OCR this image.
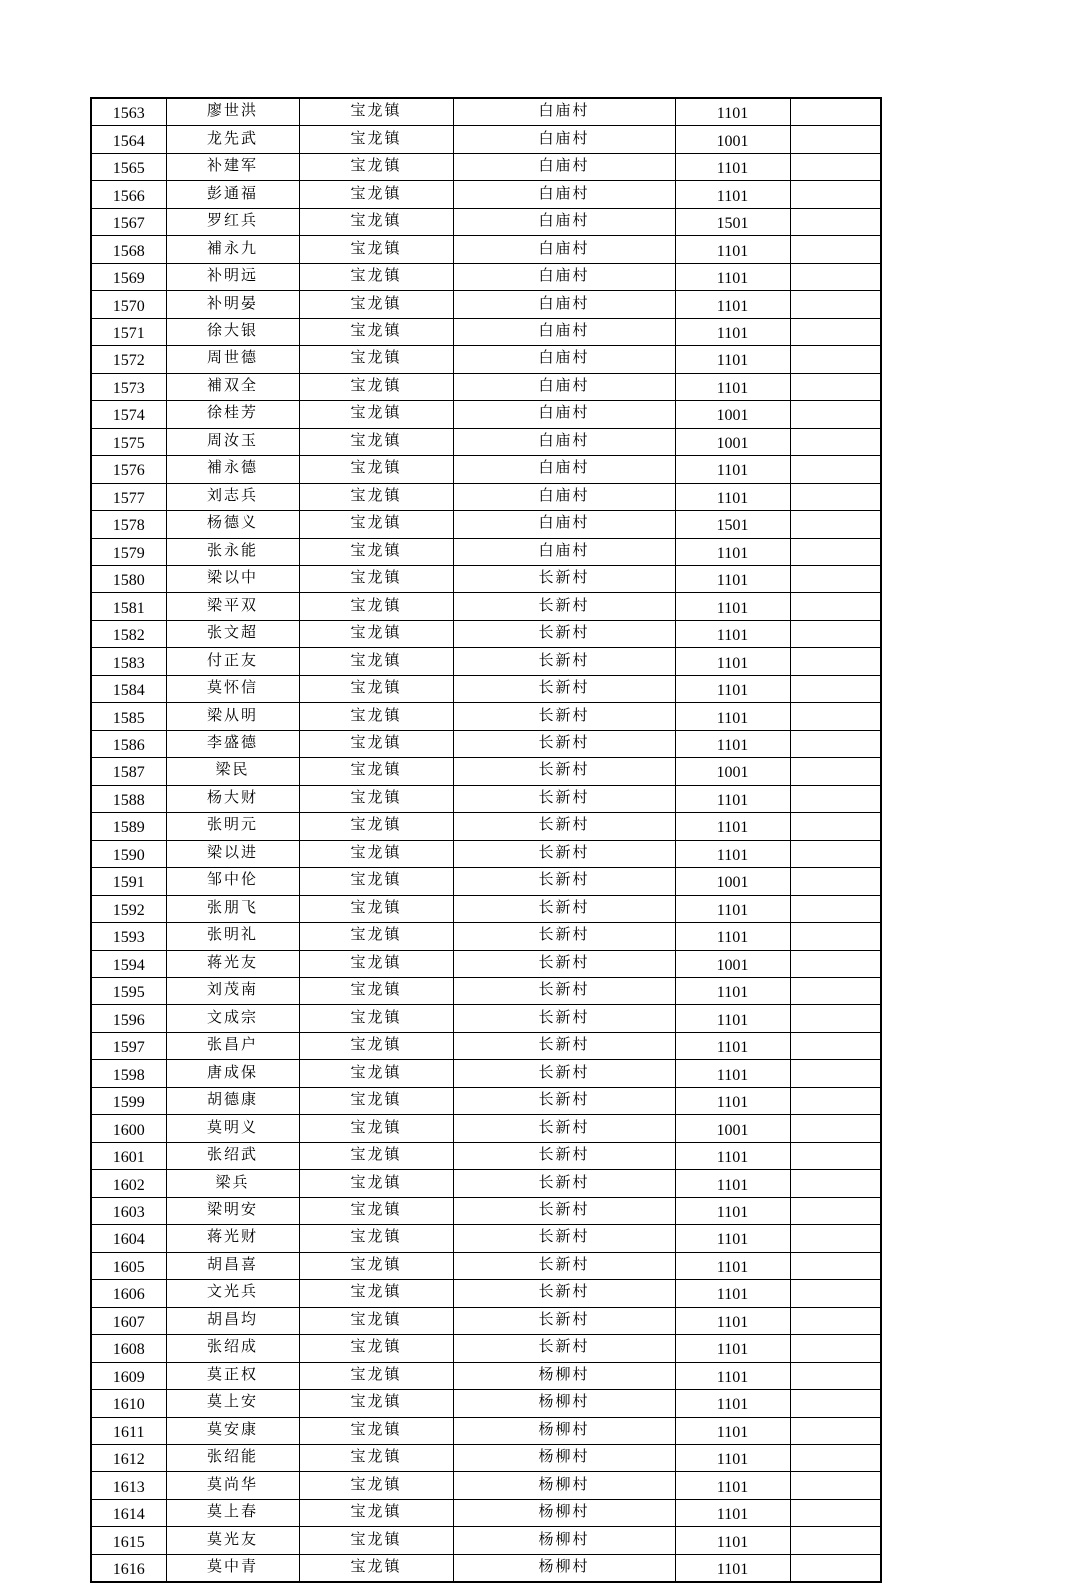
1563	廖世洪	宝龙镇	白庙村	1101	
1564	龙先武	宝龙镇	白庙村	1001	
1565	补建军	宝龙镇	白庙村	1101	
1566	彭通福	宝龙镇	白庙村	1101	
1567	罗红兵	宝龙镇	白庙村	1501	
1568	補永九	宝龙镇	白庙村	1101	
1569	补明远	宝龙镇	白庙村	1101	
1570	补明晏	宝龙镇	白庙村	1101	
1571	徐大银	宝龙镇	白庙村	1101	
1572	周世德	宝龙镇	白庙村	1101	
1573	補双全	宝龙镇	白庙村	1101	
1574	徐桂芳	宝龙镇	白庙村	1001	
1575	周汝玉	宝龙镇	白庙村	1001	
1576	補永德	宝龙镇	白庙村	1101	
1577	刘志兵	宝龙镇	白庙村	1101	
1578	杨德义	宝龙镇	白庙村	1501	
1579	张永能	宝龙镇	白庙村	1101	
1580	梁以中	宝龙镇	长新村	1101	
1581	梁平双	宝龙镇	长新村	1101	
1582	张文超	宝龙镇	长新村	1101	
1583	付正友	宝龙镇	长新村	1101	
1584	莫怀信	宝龙镇	长新村	1101	
1585	梁从明	宝龙镇	长新村	1101	
1586	李盛德	宝龙镇	长新村	1101	
1587	梁民	宝龙镇	长新村	1001	
1588	杨大财	宝龙镇	长新村	1101	
1589	张明元	宝龙镇	长新村	1101	
1590	梁以进	宝龙镇	长新村	1101	
1591	邹中伦	宝龙镇	长新村	1001	
1592	张朋飞	宝龙镇	长新村	1101	
1593	张明礼	宝龙镇	长新村	1101	
1594	蒋光友	宝龙镇	长新村	1001	
1595	刘茂南	宝龙镇	长新村	1101	
1596	文成宗	宝龙镇	长新村	1101	
1597	张昌户	宝龙镇	长新村	1101	
1598	唐成保	宝龙镇	长新村	1101	
1599	胡德康	宝龙镇	长新村	1101	
1600	莫明义	宝龙镇	长新村	1001	
1601	张绍武	宝龙镇	长新村	1101	
1602	梁兵	宝龙镇	长新村	1101	
1603	梁明安	宝龙镇	长新村	1101	
1604	蒋光财	宝龙镇	长新村	1101	
1605	胡昌喜	宝龙镇	长新村	1101	
1606	文光兵	宝龙镇	长新村	1101	
1607	胡昌均	宝龙镇	长新村	1101	
1608	张绍成	宝龙镇	长新村	1101	
1609	莫正权	宝龙镇	杨柳村	1101	
1610	莫上安	宝龙镇	杨柳村	1101	
1611	莫安康	宝龙镇	杨柳村	1101	
1612	张绍能	宝龙镇	杨柳村	1101	
1613	莫尚华	宝龙镇	杨柳村	1101	
1614	莫上春	宝龙镇	杨柳村	1101	
1615	莫光友	宝龙镇	杨柳村	1101	
1616	莫中青	宝龙镇	杨柳村	1101	
